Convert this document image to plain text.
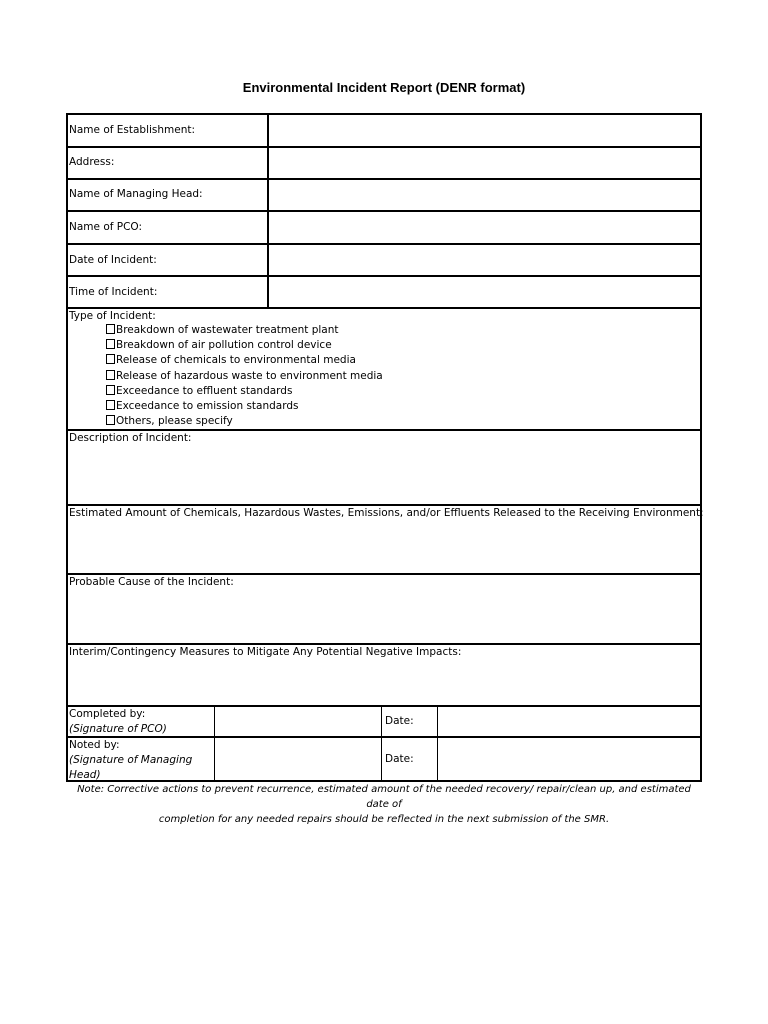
Environmental Incident Report (DENR format)
Name of Establishment:
Address:
Name of Managing Head:
Name of PCO:
Date of Incident:
Time of Incident:
Type of Incident:
Breakdown of wastewater treatment plant
Breakdown of air pollution control device
Release of chemicals to environmental media
Release of hazardous waste to environment media
Exceedance to effluent standards
Exceedance to emission standards
Others, please specify
Description of Incident:
Estimated Amount of Chemicals, Hazardous Wastes, Emissions, and/or Effluents Released to the Receiving Environment:
Probable Cause of the Incident:
Interim/Contingency Measures to Mitigate Any Potential Negative Impacts:
Completed by:
(Signature of PCO)
Date:
Noted by:
(Signature of Managing
Head)
Date:
Note: Corrective actions to prevent recurrence, estimated amount of the needed recovery/ repair/clean up, and estimated date of
completion for any needed repairs should be reflected in the next submission of the SMR.
